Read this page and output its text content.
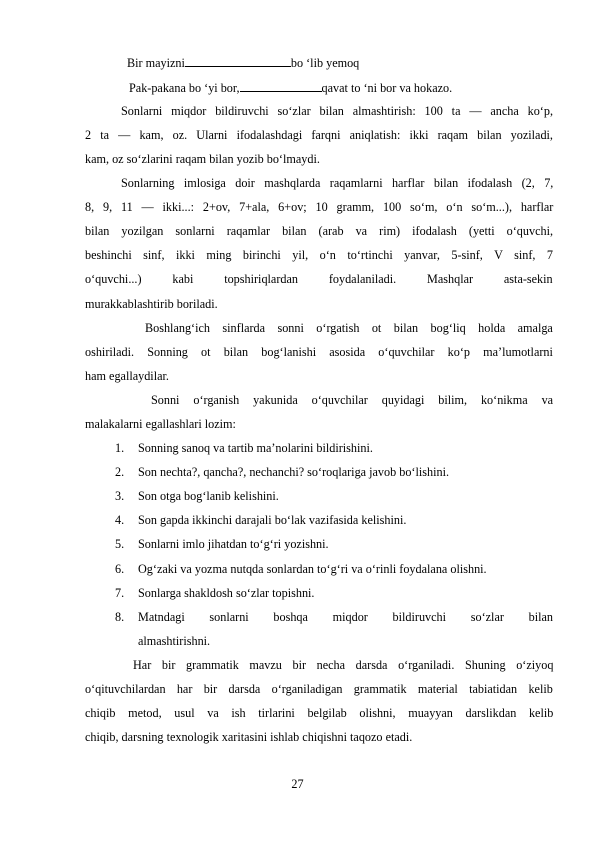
Bir mayizni	bo ‘lib yemoq
Pak-pakana bo ‘yi bor,	qavat to ‘ni bor va hokazo.
Sonlarni miqdor bildiruvchi so‘zlar bilan almashtirish: 100 ta — ancha ko‘p,
2 ta — kam, oz. Ularni ifodalashdagi farqni aniqlatish: ikki raqam bilan yoziladi,
kam, oz so‘zlarini raqam bilan yozib bo‘lmaydi.
Sonlarning imlosiga doir mashqlarda raqamlarni harflar bilan ifodalash (2, 7,
8, 9, 11 — ikki...: 2+ov, 7+ala, 6+ov; 10 gramm, 100 so‘m, o‘n so‘m...), harflar
bilan yozilgan sonlarni raqamlar bilan (arab va rim) ifodalash (yetti o‘quvchi,
beshinchi sinf, ikki ming birinchi yil, o‘n to‘rtinchi yanvar, 5-sinf, V sinf, 7
o‘quvchi...) kabi topshiriqlardan foydalaniladi. Mashqlar asta-sekin
murakkablashtirib boriladi.
Boshlang‘ich sinflarda sonni o‘rgatish ot bilan bog‘liq holda amalga
oshiriladi. Sonning ot bilan bog‘lanishi asosida o‘quvchilar ko‘p ma’lumotlarni
ham egallaydilar.
Sonni o‘rganish yakunida o‘quvchilar quyidagi bilim, ko‘nikma va
malakalarni egallashlari lozim:
1. Sonning sanoq va tartib ma’nolarini bildirishini.
2. Son nechta?, qancha?, nechanchi? so‘roqlariga javob bo‘lishini.
3. Son otga bog‘lanib kelishini.
4. Son gapda ikkinchi darajali bo‘lak vazifasida kelishini.
5. Sonlarni imlo jihatdan to‘g‘ri yozishni.
6. Og‘zaki va yozma nutqda sonlardan to‘g‘ri va o‘rinli foydalana olishni.
7. Sonlarga shakldosh so‘zlar topishni.
8. Matndagi sonlarni boshqa miqdor bildiruvchi so‘zlar bilan
almashtirishni.
Har bir grammatik mavzu bir necha darsda o‘rganiladi. Shuning o‘ziyoq
o‘qituvchilardan har bir darsda o‘rganiladigan grammatik material tabiatidan kelib
chiqib metod, usul va ish tirlarini belgilab olishni, muayyan darslikdan kelib
chiqib, darsning texnologik xaritasini ishlab chiqishni taqozo etadi.
27
